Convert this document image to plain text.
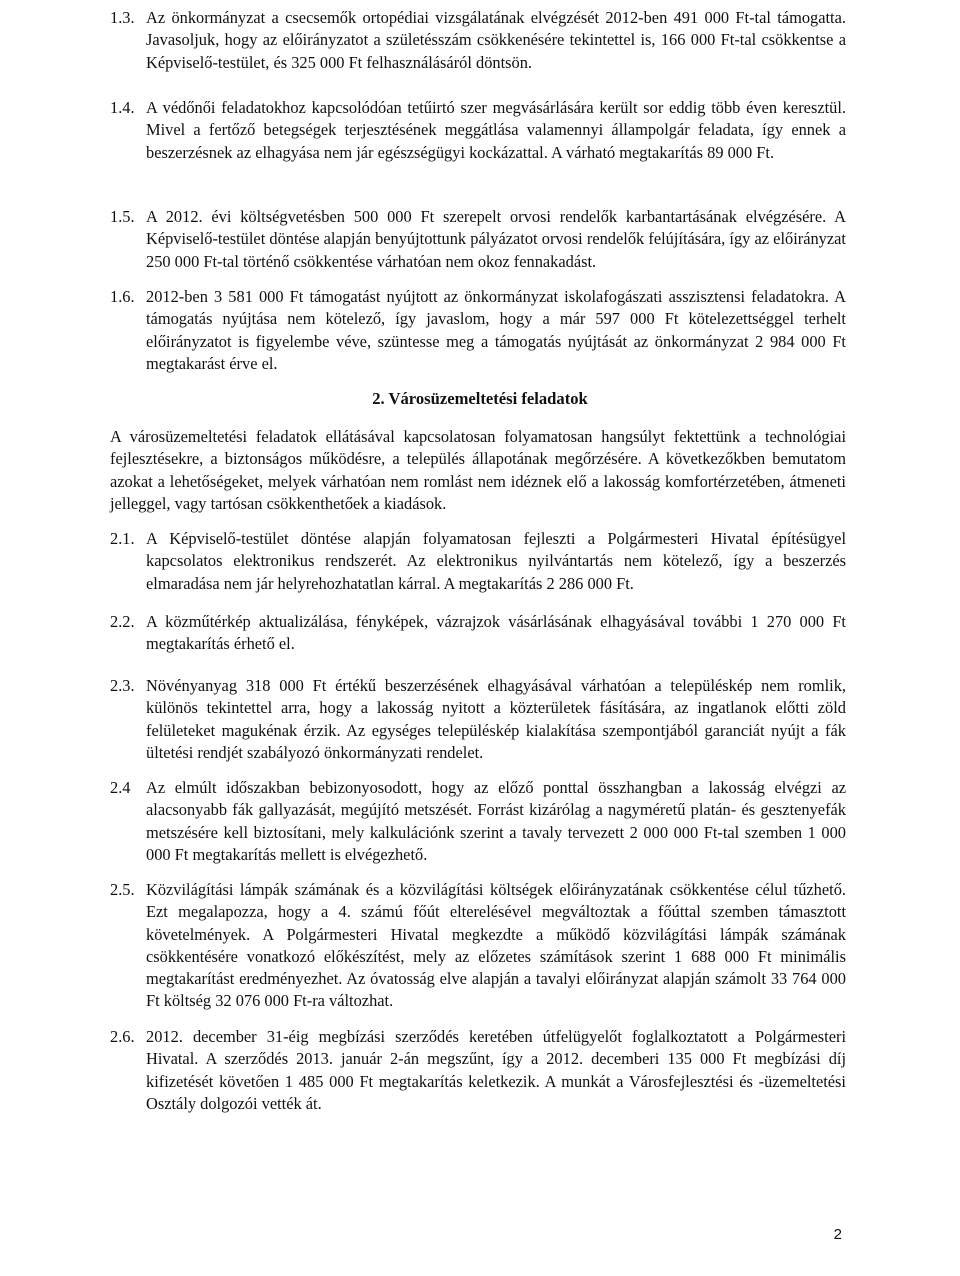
1.3. Az önkormányzat a csecsemők ortopédiai vizsgálatának elvégzését 2012-ben 491 000 Ft-tal támogatta. Javasoljuk, hogy az előirányzatot a születésszám csökkenésére tekintettel is, 166 000 Ft-tal csökkentse a Képviselő-testület, és 325 000 Ft felhasználásáról döntsön.
1.4. A védőnői feladatokhoz kapcsolódóan tetűirtó szer megvásárlására került sor eddig több éven keresztül. Mivel a fertőző betegségek terjesztésének meggátlása valamennyi állampolgár feladata, így ennek a beszerzésnek az elhagyása nem jár egészségügyi kockázattal. A várható megtakarítás 89 000 Ft.
1.5. A 2012. évi költségvetésben 500 000 Ft szerepelt orvosi rendelők karbantartásának elvégzésére. A Képviselő-testület döntése alapján benyújtottunk pályázatot orvosi rendelők felújítására, így az előirányzat 250 000 Ft-tal történő csökkentése várhatóan nem okoz fennakadást.
1.6. 2012-ben 3 581 000 Ft támogatást nyújtott az önkormányzat iskolafogászati asszisztensi feladatokra. A támogatás nyújtása nem kötelező, így javaslom, hogy a már 597 000 Ft kötelezettséggel terhelt előirányzatot is figyelembe véve, szüntesse meg a támogatás nyújtását az önkormányzat 2 984 000 Ft megtakarást érve el.
2. Városüzemeltetési feladatok
A városüzemeltetési feladatok ellátásával kapcsolatosan folyamatosan hangsúlyt fektettünk a technológiai fejlesztésekre, a biztonságos működésre, a település állapotának megőrzésére. A következőkben bemutatom azokat a lehetőségeket, melyek várhatóan nem romlást nem idéznek elő a lakosság komfortérzetében, átmeneti jelleggel, vagy tartósan csökkenthetőek a kiadások.
2.1. A Képviselő-testület döntése alapján folyamatosan fejleszti a Polgármesteri Hivatal építésügyel kapcsolatos elektronikus rendszerét. Az elektronikus nyilvántartás nem kötelező, így a beszerzés elmaradása nem jár helyrehozhatatlan kárral. A megtakarítás 2 286 000 Ft.
2.2. A közműtérkép aktualizálása, fényképek, vázrajzok vásárlásának elhagyásával további 1 270 000 Ft megtakarítás érhető el.
2.3. Növényanyag 318 000 Ft értékű beszerzésének elhagyásával várhatóan a településkép nem romlik, különös tekintettel arra, hogy a lakosság nyitott a közterületek fásítására, az ingatlanok előtti zöld felületeket magukénak érzik. Az egységes településkép kialakítása szempontjából garanciát nyújt a fák ültetési rendjét szabályozó önkormányzati rendelet.
2.4 Az elmúlt időszakban bebizonyosodott, hogy az előző ponttal összhangban a lakosság elvégzi az alacsonyabb fák gallyazását, megújító metszését. Forrást kizárólag a nagyméretű platán- és gesztenyefák metszésére kell biztosítani, mely kalkulációnk szerint a tavaly tervezett 2 000 000 Ft-tal szemben 1 000 000 Ft megtakarítás mellett is elvégezhető.
2.5. Közvilágítási lámpák számának és a közvilágítási költségek előirányzatának csökkentése célul tűzhető. Ezt megalapozza, hogy a 4. számú főút elterelésével megváltoztak a főúttal szemben támasztott követelmények. A Polgármesteri Hivatal megkezdte a működő közvilágítási lámpák számának csökkentésére vonatkozó előkészítést, mely az előzetes számítások szerint 1 688 000 Ft minimális megtakarítást eredményezhet. Az óvatosság elve alapján a tavalyi előirányzat alapján számolt 33 764 000 Ft költség 32 076 000 Ft-ra változhat.
2.6. 2012. december 31-éig megbízási szerződés keretében útfelügyelőt foglalkoztatott a Polgármesteri Hivatal. A szerződés 2013. január 2-án megszűnt, így a 2012. decemberi 135 000 Ft megbízási díj kifizetését követően 1 485 000 Ft megtakarítás keletkezik. A munkát a Városfejlesztési és -üzemeltetési Osztály dolgozói vették át.
2
